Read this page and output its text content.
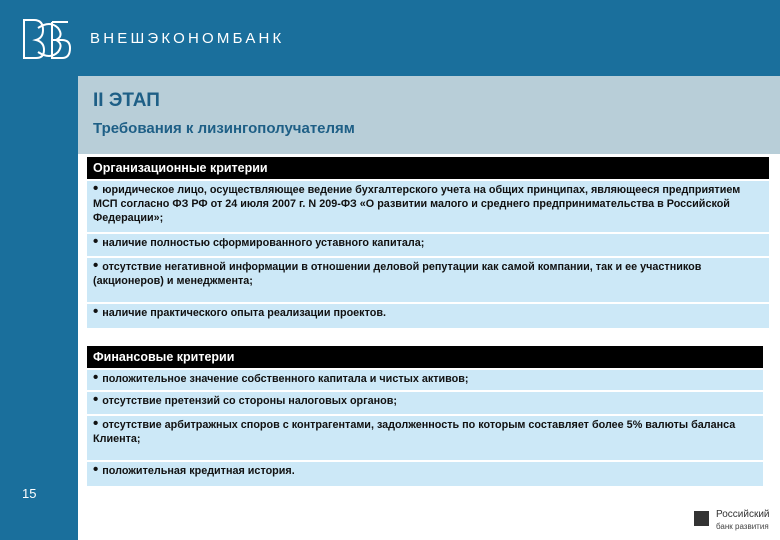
ВНЕШЭКОНОМБАНК
15
II ЭТАП
Требования к лизингополучателям
Организационные критерии
• юридическое лицо, осуществляющее ведение бухгалтерского учета на общих принципах, являющееся предприятием МСП согласно ФЗ РФ от 24 июля 2007 г. N 209-ФЗ «О развитии малого и среднего предпринимательства в Российской Федерации»;
• наличие полностью сформированного уставного капитала;
• отсутствие негативной информации в отношении деловой репутации как самой компании, так и ее участников (акционеров) и менеджмента;
• наличие практического опыта реализации проектов.
Финансовые критерии
• положительное значение собственного капитала и чистых активов;
• отсутствие претензий со стороны налоговых органов;
• отсутствие арбитражных споров с контрагентами, задолженность по которым составляет более 5% валюты баланса Клиента;
• положительная кредитная история.
Российский
банк развития
